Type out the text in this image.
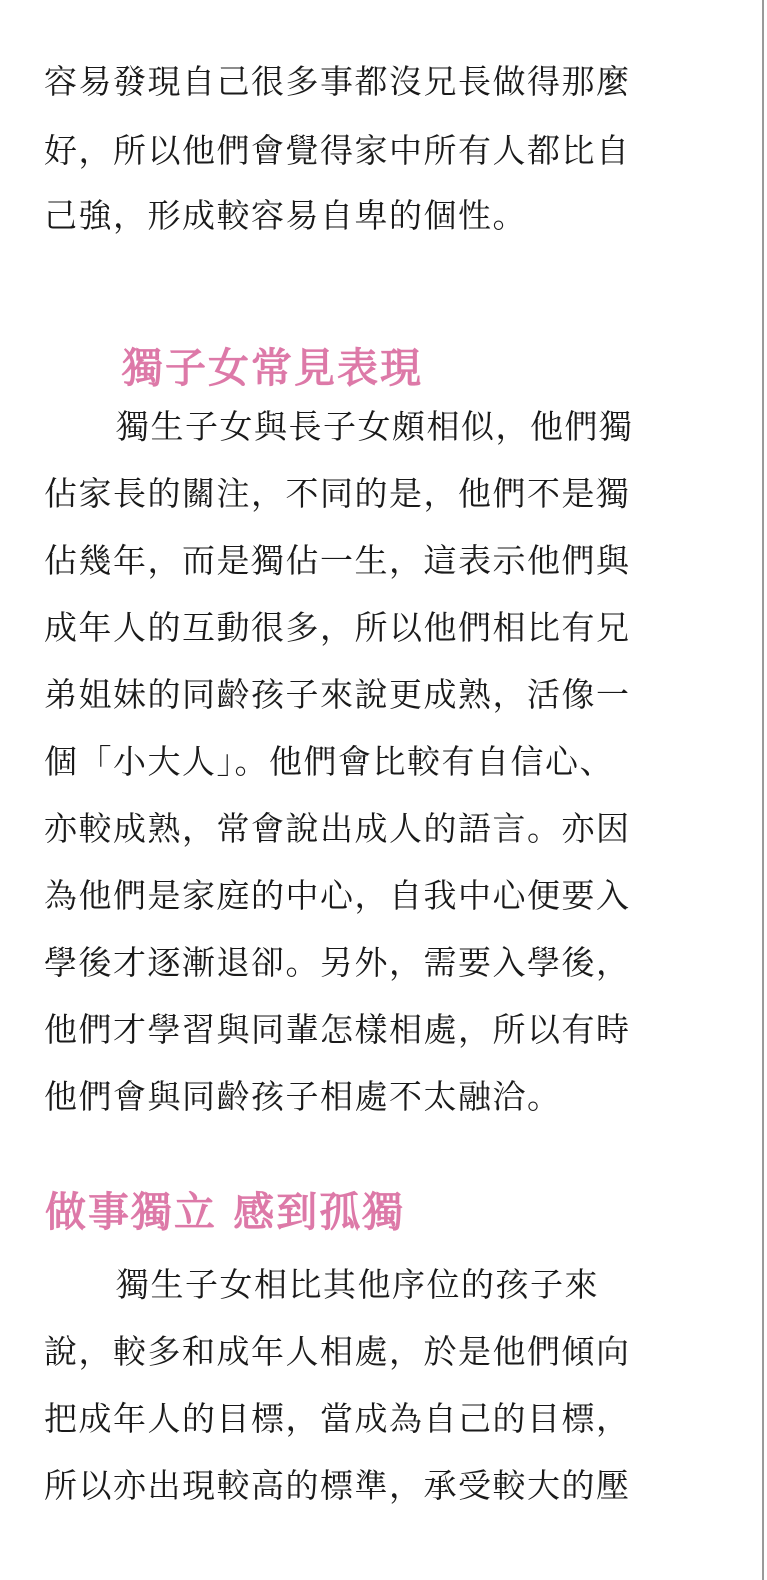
容易發現自己很多事都沒兄長做得那麼
好，所以他們會覺得家中所有人都比自
己強，形成較容易自卑的個性。
獨子女常見表現
獨生子女與長子女頗相似，他們獨
佔家長的關注，不同的是，他們不是獨
佔幾年，而是獨佔一生，這表示他們與
成年人的互動很多，所以他們相比有兄
弟姐妹的同齡孩子來說更成熟，活像一
個「小大人」。他們會比較有自信心、
亦較成熟，常會說出成人的語言。亦因
為他們是家庭的中心，自我中心便要入
學後才逐漸退卻。另外，需要入學後，
他們才學習與同輩怎樣相處，所以有時
他們會與同齡孩子相處不太融洽。
做事獨立 感到孤獨
獨生子女相比其他序位的孩子來
說，較多和成年人相處，於是他們傾向
把成年人的目標，當成為自己的目標，
所以亦出現較高的標準，承受較大的壓
